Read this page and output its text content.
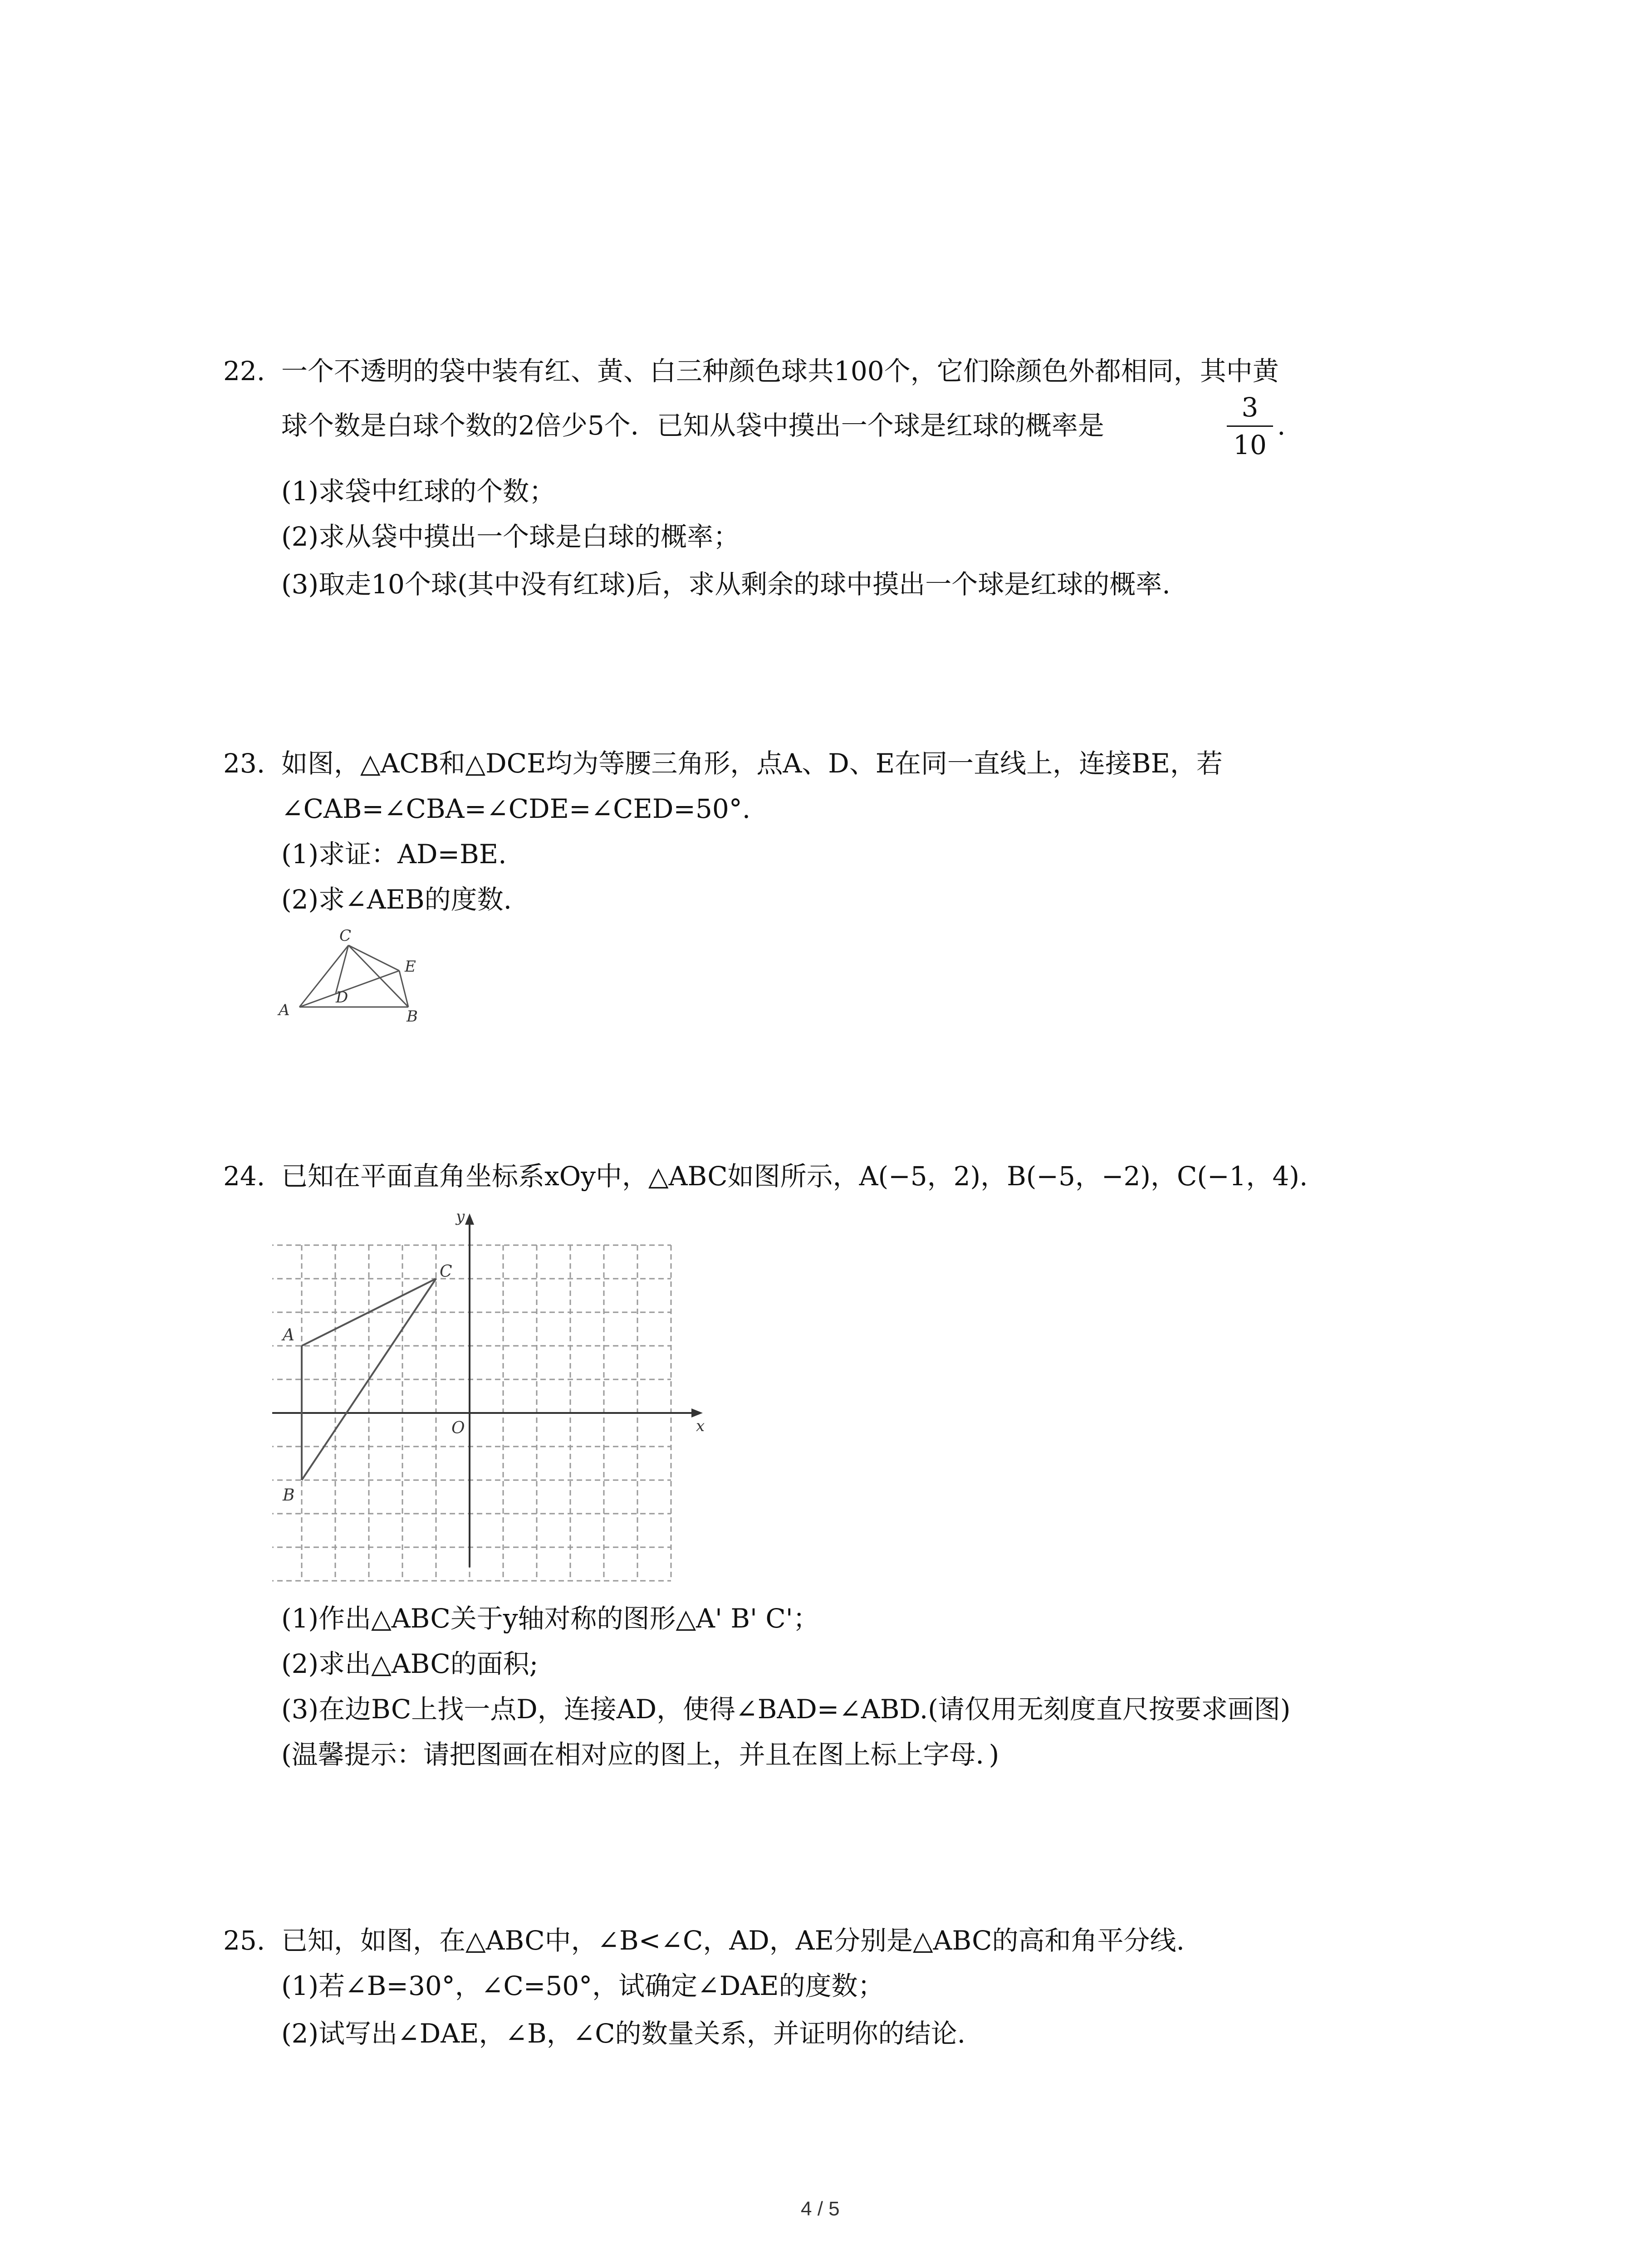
22. 一个不透明的袋中装有红、黄、白三种颜色球共100个，它们除颜色外都相同，其中黄
球个数是白球个数的2倍少5个．已知从袋中摸出一个球是红球的概率是
3
10
.
(1)求袋中红球的个数；
(2)求从袋中摸出一个球是白球的概率；
(3)取走10个球(其中没有红球)后，求从剩余的球中摸出一个球是红球的概率.
23. 如图，△ACB和△DCE均为等腰三角形，点A、D、E在同一直线上，连接BE，若
∠CAB=∠CBA=∠CDE=∠CED=50°.
(1)求证：AD=BE.
(2)求∠AEB的度数.
C
E
D
A	B
24. 已知在平面直角坐标系xOy中，△ABC如图所示，A(−5，2)，B(−5，−2)，C(−1，4).
x
y
O
A
B
C
(1)作出△ABC关于y轴对称的图形△A' B' C'；
(2)求出△ABC的面积;
(3)在边BC上找一点D，连接AD，使得∠BAD=∠ABD.(请仅用无刻度直尺按要求画图)
(温馨提示：请把图画在相对应的图上，并且在图上标上字母．)
25. 已知，如图，在△ABC中，∠B<∠C，AD，AE分别是△ABC的高和角平分线.
(1)若∠B=30°，∠C=50°，试确定∠DAE的度数；
(2)试写出∠DAE，∠B，∠C的数量关系，并证明你的结论.
4 / 5
